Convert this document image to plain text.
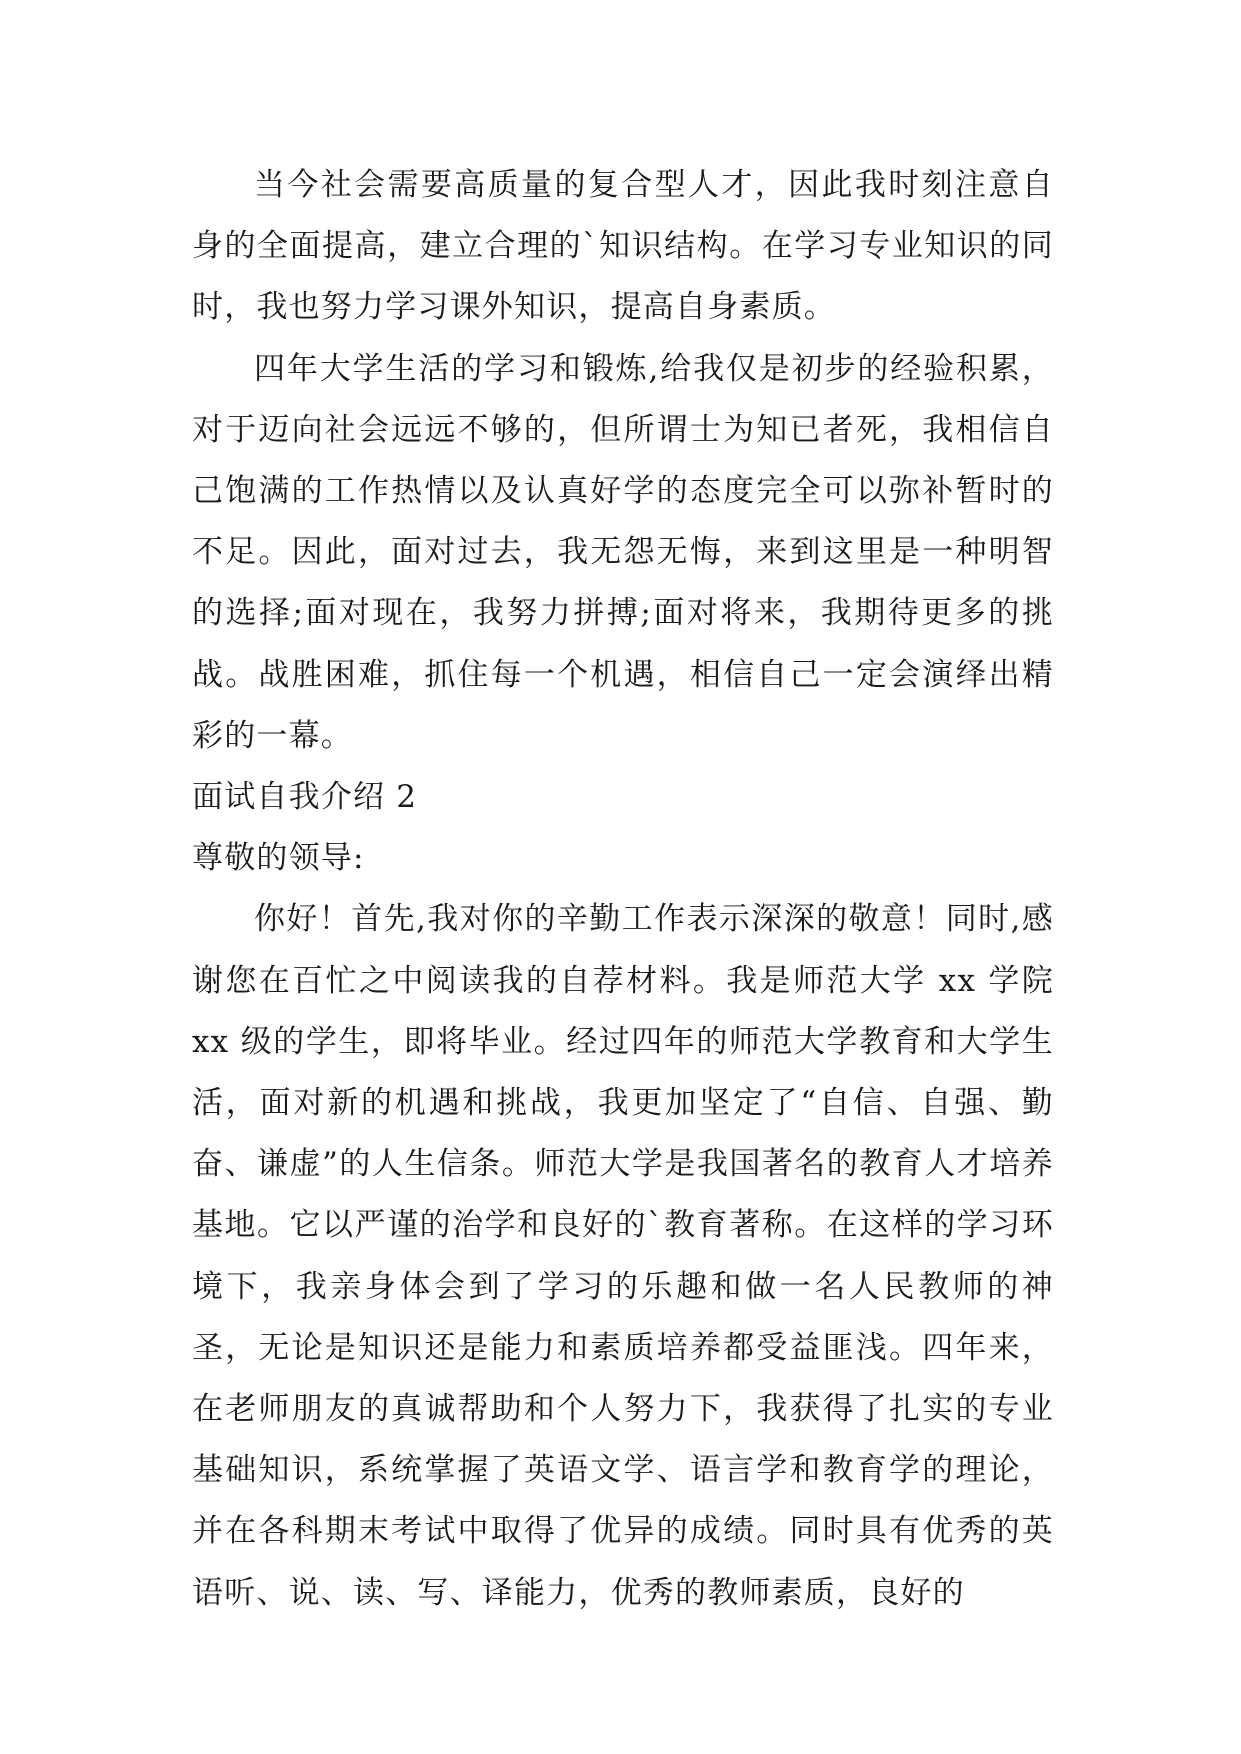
当今社会需要高质量的复合型人才，因此我时刻注意自身的全面提高，建立合理的`知识结构。在学习专业知识的同时，我也努力学习课外知识，提高自身素质。

四年大学生活的学习和锻炼,给我仅是初步的经验积累，对于迈向社会远远不够的，但所谓士为知已者死，我相信自己饱满的工作热情以及认真好学的态度完全可以弥补暂时的不足。因此，面对过去，我无怨无悔，来到这里是一种明智的选择;面对现在，我努力拼搏;面对将来，我期待更多的挑战。战胜困难，抓住每一个机遇，相信自己一定会演绎出精彩的一幕。

面试自我介绍 2

尊敬的领导:

你好！首先,我对你的辛勤工作表示深深的敬意！同时,感谢您在百忙之中阅读我的自荐材料。我是师范大学 xx 学院 xx 级的学生，即将毕业。经过四年的师范大学教育和大学生活，面对新的机遇和挑战，我更加坚定了“自信、自强、勤奋、谦虚”的人生信条。师范大学是我国著名的教育人才培养基地。它以严谨的治学和良好的`教育著称。在这样的学习环境下，我亲身体会到了学习的乐趣和做一名人民教师的神圣，无论是知识还是能力和素质培养都受益匪浅。四年来，在老师朋友的真诚帮助和个人努力下，我获得了扎实的专业基础知识，系统掌握了英语文学、语言学和教育学的理论，并在各科期末考试中取得了优异的成绩。同时具有优秀的英语听、说、读、写、译能力，优秀的教师素质，良好的
